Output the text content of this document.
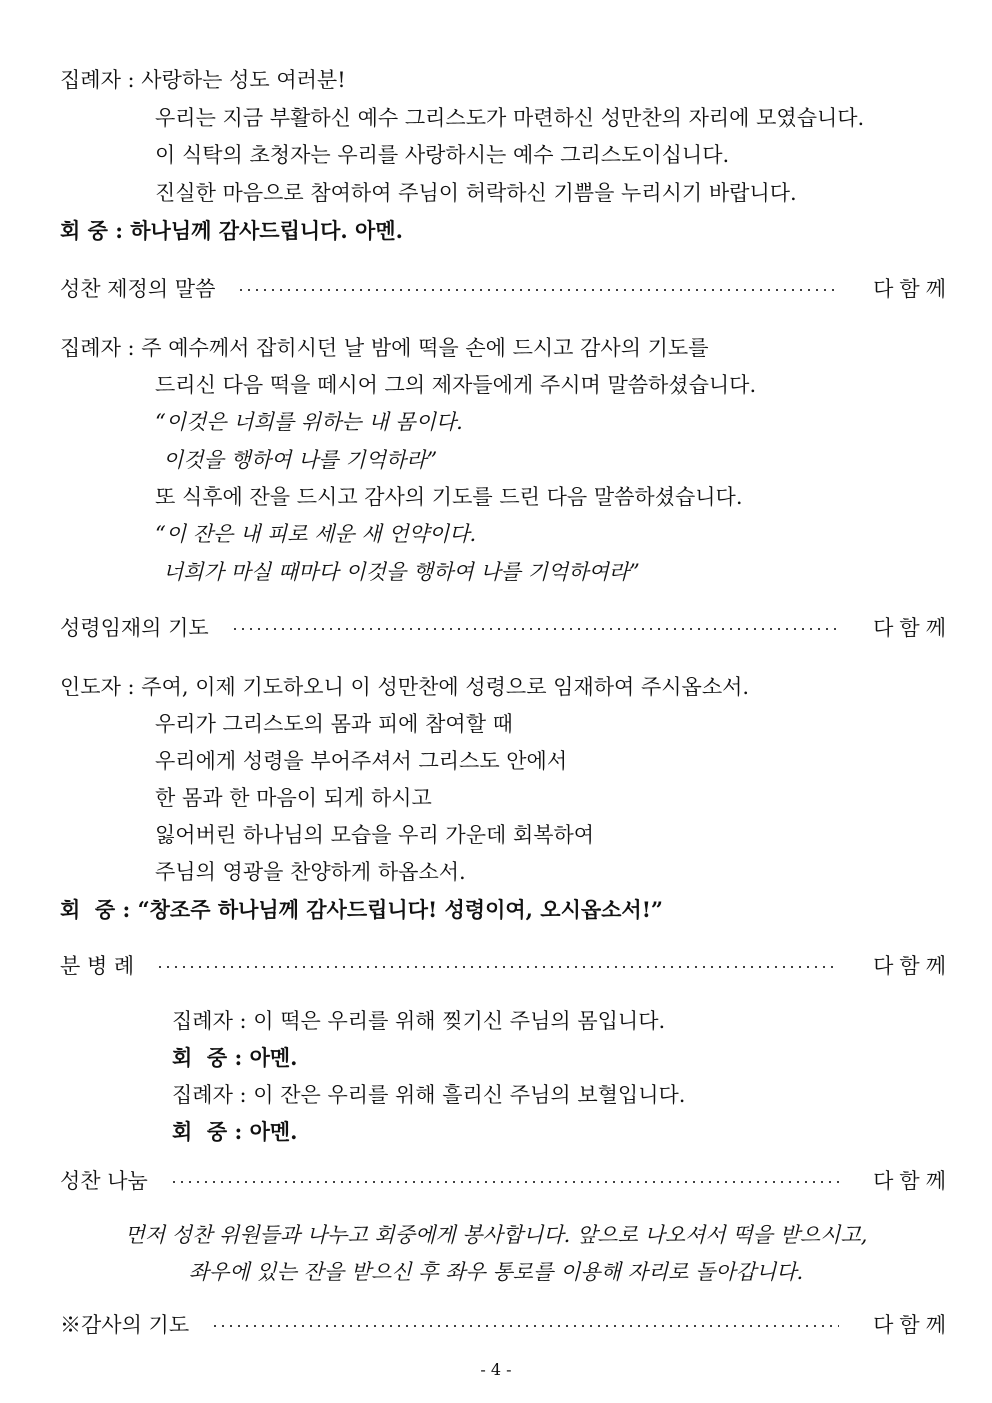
집례자 : 사랑하는 성도 여러분!
우리는 지금 부활하신 예수 그리스도가 마련하신 성만찬의 자리에 모였습니다.
이 식탁의 초청자는 우리를 사랑하시는 예수 그리스도이십니다.
진실한 마음으로 참여하여 주님이 허락하신 기쁨을 누리시기 바랍니다.
회 중 : 하나님께 감사드립니다. 아멘.
성찬 제정의 말씀	다함께
집례자 : 주 예수께서 잡히시던 날 밤에 떡을 손에 드시고 감사의 기도를
드리신 다음 떡을 떼시어 그의 제자들에게 주시며 말씀하셨습니다.
“이것은 너희를 위하는 내 몸이다.
이것을 행하여 나를 기억하라”
또 식후에 잔을 드시고 감사의 기도를 드린 다음 말씀하셨습니다.
“이 잔은 내 피로 세운 새 언약이다.
너희가 마실 때마다 이것을 행하여 나를 기억하여라”
성령임재의 기도	다함께
인도자 : 주여, 이제 기도하오니 이 성만찬에 성령으로 임재하여 주시옵소서.
우리가 그리스도의 몸과 피에 참여할 때
우리에게 성령을 부어주셔서 그리스도 안에서
한 몸과 한 마음이 되게 하시고
잃어버린 하나님의 모습을 우리 가운데 회복하여
주님의 영광을 찬양하게 하옵소서.
회  중 : “창조주 하나님께 감사드립니다! 성령이여, 오시옵소서!”
분 병 례	다함께
집례자 : 이 떡은 우리를 위해 찢기신 주님의 몸입니다.
회  중 : 아멘.
집례자 : 이 잔은 우리를 위해 흘리신 주님의 보혈입니다.
회  중 : 아멘.
성찬 나눔	다함께
먼저 성찬 위원들과 나누고 회중에게 봉사합니다. 앞으로 나오셔서 떡을 받으시고,
좌우에 있는 잔을 받으신 후 좌우 통로를 이용해 자리로 돌아갑니다.
※감사의 기도	다함께
- 4 -
